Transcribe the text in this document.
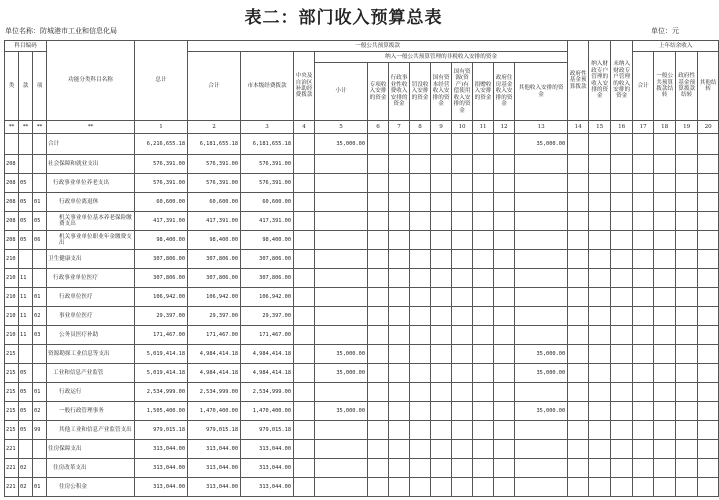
表二：部门收入预算总表
单位名称：防城港市工业和信息化局	单位：元
科目编码			功能分类科目名称	总计	一般公共预算拨款												政府性基金预算拨款	纳入财政专户管理的收入安排的资金	未纳入财政专户管理的收入安排的资金	上年结余收入			
类	款	项			合计	市本级经费拨款	中央及自治区补助经费拨款	纳入一般公共预算管理的非税收入安排的资金												合计	一般公共预算拨款结转	政府性基金预算拨款结转	其他结转
								小计	专项收入安排的资金	行政事业性收费收入安排的资金	罚没收入安排的资金	国有资本经营收入安排的资金	国有资源(资产)有偿使用收入安排的资金	捐赠收入安排的资金	政府住房基金收入安排的资金	其他收入安排的资金							
**	**	**	**	1	2	3	4	5	6	7	8	9	10	11	12	13	14	15	16	17	18	19	20
			合计	6,216,655.18	6,181,655.18	6,181,655.18		35,000.00								35,000.00							
208			社会保障和就业支出	576,391.00	576,391.00	576,391.00																	
208	05		行政事业单位养老支出	576,391.00	576,391.00	576,391.00																	
208	05	01	行政单位离退休	60,600.00	60,600.00	60,600.00																	
208	05	05	机关事业单位基本养老保险缴费支出	417,391.00	417,391.00	417,391.00																	
208	05	06	机关事业单位职业年金缴费支出	98,400.00	98,400.00	98,400.00																	
210			卫生健康支出	307,806.00	307,806.00	307,806.00																	
210	11		行政事业单位医疗	307,806.00	307,806.00	307,806.00																	
210	11	01	行政单位医疗	106,942.00	106,942.00	106,942.00																	
210	11	02	事业单位医疗	29,397.00	29,397.00	29,397.00																	
210	11	03	公务员医疗补助	171,467.00	171,467.00	171,467.00																	
215			资源勘探工业信息等支出	5,019,414.18	4,984,414.18	4,984,414.18		35,000.00								35,000.00							
215	05		工业和信息产业监管	5,019,414.18	4,984,414.18	4,984,414.18		35,000.00								35,000.00							
215	05	01	行政运行	2,534,999.00	2,534,999.00	2,534,999.00																	
215	05	02	一般行政管理事务	1,505,400.00	1,470,400.00	1,470,400.00		35,000.00								35,000.00							
215	05	99	其他工业和信息产业监管支出	979,015.18	979,015.18	979,015.18																	
221			住房保障支出	313,044.00	313,044.00	313,044.00																	
221	02		住房改革支出	313,044.00	313,044.00	313,044.00																	
221	02	01	住房公积金	313,044.00	313,044.00	313,044.00																	
